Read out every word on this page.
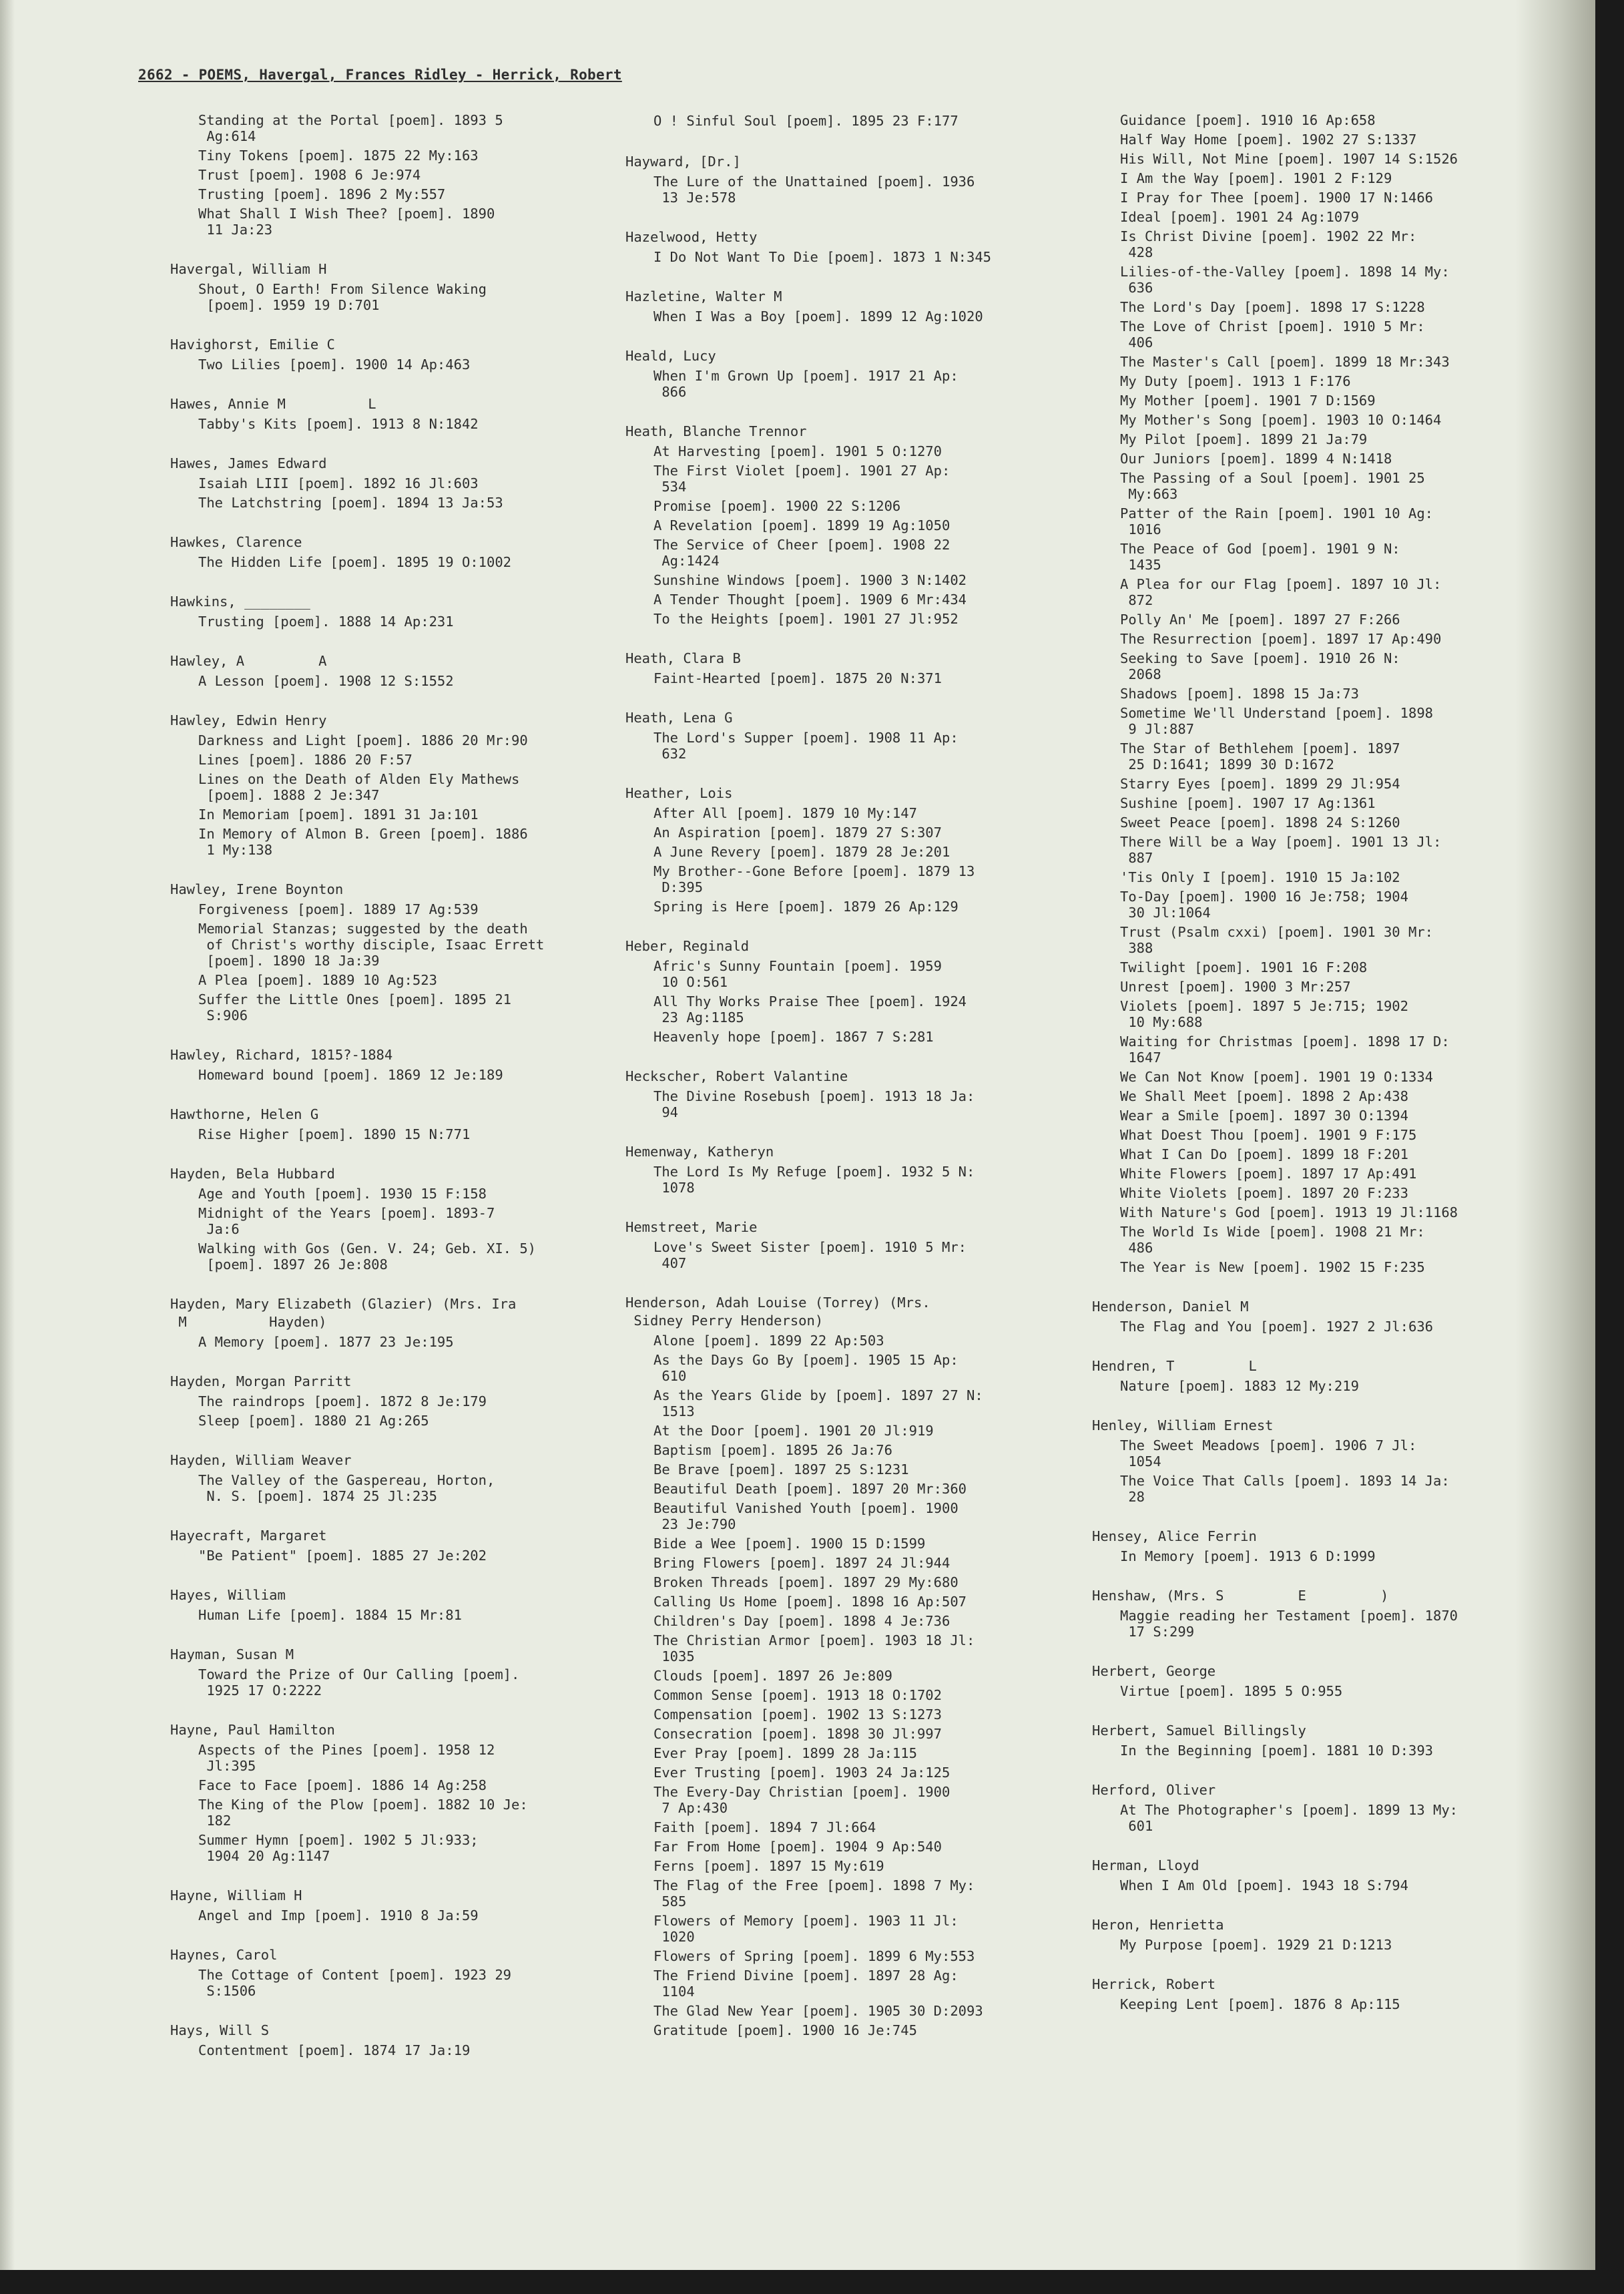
2662 - POEMS, Havergal, Frances Ridley - Herrick, Robert
Standing at the Portal [poem]. 1893 5
Ag:614
Tiny Tokens [poem]. 1875 22 My:163
Trust [poem]. 1908 6 Je:974
Trusting [poem]. 1896 2 My:557
What Shall I Wish Thee? [poem]. 1890
11 Ja:23
Havergal, William H
Shout, O Earth! From Silence Waking
[poem]. 1959 19 D:701
Havighorst, Emilie C
Two Lilies [poem]. 1900 14 Ap:463
Hawes, Annie M          L
Tabby's Kits [poem]. 1913 8 N:1842
Hawes, James Edward
Isaiah LIII [poem]. 1892 16 Jl:603
The Latchstring [poem]. 1894 13 Ja:53
Hawkes, Clarence
The Hidden Life [poem]. 1895 19 O:1002
Hawkins, ________
Trusting [poem]. 1888 14 Ap:231
Hawley, A         A
A Lesson [poem]. 1908 12 S:1552
Hawley, Edwin Henry
Darkness and Light [poem]. 1886 20 Mr:90
Lines [poem]. 1886 20 F:57
Lines on the Death of Alden Ely Mathews
[poem]. 1888 2 Je:347
In Memoriam [poem]. 1891 31 Ja:101
In Memory of Almon B. Green [poem]. 1886
1 My:138
Hawley, Irene Boynton
Forgiveness [poem]. 1889 17 Ag:539
Memorial Stanzas; suggested by the death
of Christ's worthy disciple, Isaac Errett
[poem]. 1890 18 Ja:39
A Plea [poem]. 1889 10 Ag:523
Suffer the Little Ones [poem]. 1895 21
S:906
Hawley, Richard, 1815?-1884
Homeward bound [poem]. 1869 12 Je:189
Hawthorne, Helen G
Rise Higher [poem]. 1890 15 N:771
Hayden, Bela Hubbard
Age and Youth [poem]. 1930 15 F:158
Midnight of the Years [poem]. 1893-7
Ja:6
Walking with Gos (Gen. V. 24; Geb. XI. 5)
[poem]. 1897 26 Je:808
Hayden, Mary Elizabeth (Glazier) (Mrs. Ira
M          Hayden)
A Memory [poem]. 1877 23 Je:195
Hayden, Morgan Parritt
The raindrops [poem]. 1872 8 Je:179
Sleep [poem]. 1880 21 Ag:265
Hayden, William Weaver
The Valley of the Gaspereau, Horton,
N. S. [poem]. 1874 25 Jl:235
Hayecraft, Margaret
"Be Patient" [poem]. 1885 27 Je:202
Hayes, William
Human Life [poem]. 1884 15 Mr:81
Hayman, Susan M
Toward the Prize of Our Calling [poem].
1925 17 O:2222
Hayne, Paul Hamilton
Aspects of the Pines [poem]. 1958 12
Jl:395
Face to Face [poem]. 1886 14 Ag:258
The King of the Plow [poem]. 1882 10 Je:
182
Summer Hymn [poem]. 1902 5 Jl:933;
1904 20 Ag:1147
Hayne, William H
Angel and Imp [poem]. 1910 8 Ja:59
Haynes, Carol
The Cottage of Content [poem]. 1923 29
S:1506
Hays, Will S
Contentment [poem]. 1874 17 Ja:19
O ! Sinful Soul [poem]. 1895 23 F:177
Hayward, [Dr.]
The Lure of the Unattained [poem]. 1936
13 Je:578
Hazelwood, Hetty
I Do Not Want To Die [poem]. 1873 1 N:345
Hazletine, Walter M
When I Was a Boy [poem]. 1899 12 Ag:1020
Heald, Lucy
When I'm Grown Up [poem]. 1917 21 Ap:
866
Heath, Blanche Trennor
At Harvesting [poem]. 1901 5 O:1270
The First Violet [poem]. 1901 27 Ap:
534
Promise [poem]. 1900 22 S:1206
A Revelation [poem]. 1899 19 Ag:1050
The Service of Cheer [poem]. 1908 22
Ag:1424
Sunshine Windows [poem]. 1900 3 N:1402
A Tender Thought [poem]. 1909 6 Mr:434
To the Heights [poem]. 1901 27 Jl:952
Heath, Clara B
Faint-Hearted [poem]. 1875 20 N:371
Heath, Lena G
The Lord's Supper [poem]. 1908 11 Ap:
632
Heather, Lois
After All [poem]. 1879 10 My:147
An Aspiration [poem]. 1879 27 S:307
A June Revery [poem]. 1879 28 Je:201
My Brother--Gone Before [poem]. 1879 13
D:395
Spring is Here [poem]. 1879 26 Ap:129
Heber, Reginald
Afric's Sunny Fountain [poem]. 1959
10 O:561
All Thy Works Praise Thee [poem]. 1924
23 Ag:1185
Heavenly hope [poem]. 1867 7 S:281
Heckscher, Robert Valantine
The Divine Rosebush [poem]. 1913 18 Ja:
94
Hemenway, Katheryn
The Lord Is My Refuge [poem]. 1932 5 N:
1078
Hemstreet, Marie
Love's Sweet Sister [poem]. 1910 5 Mr:
407
Henderson, Adah Louise (Torrey) (Mrs.
Sidney Perry Henderson)
Alone [poem]. 1899 22 Ap:503
As the Days Go By [poem]. 1905 15 Ap:
610
As the Years Glide by [poem]. 1897 27 N:
1513
At the Door [poem]. 1901 20 Jl:919
Baptism [poem]. 1895 26 Ja:76
Be Brave [poem]. 1897 25 S:1231
Beautiful Death [poem]. 1897 20 Mr:360
Beautiful Vanished Youth [poem]. 1900
23 Je:790
Bide a Wee [poem]. 1900 15 D:1599
Bring Flowers [poem]. 1897 24 Jl:944
Broken Threads [poem]. 1897 29 My:680
Calling Us Home [poem]. 1898 16 Ap:507
Children's Day [poem]. 1898 4 Je:736
The Christian Armor [poem]. 1903 18 Jl:
1035
Clouds [poem]. 1897 26 Je:809
Common Sense [poem]. 1913 18 O:1702
Compensation [poem]. 1902 13 S:1273
Consecration [poem]. 1898 30 Jl:997
Ever Pray [poem]. 1899 28 Ja:115
Ever Trusting [poem]. 1903 24 Ja:125
The Every-Day Christian [poem]. 1900
7 Ap:430
Faith [poem]. 1894 7 Jl:664
Far From Home [poem]. 1904 9 Ap:540
Ferns [poem]. 1897 15 My:619
The Flag of the Free [poem]. 1898 7 My:
585
Flowers of Memory [poem]. 1903 11 Jl:
1020
Flowers of Spring [poem]. 1899 6 My:553
The Friend Divine [poem]. 1897 28 Ag:
1104
The Glad New Year [poem]. 1905 30 D:2093
Gratitude [poem]. 1900 16 Je:745
Guidance [poem]. 1910 16 Ap:658
Half Way Home [poem]. 1902 27 S:1337
His Will, Not Mine [poem]. 1907 14 S:1526
I Am the Way [poem]. 1901 2 F:129
I Pray for Thee [poem]. 1900 17 N:1466
Ideal [poem]. 1901 24 Ag:1079
Is Christ Divine [poem]. 1902 22 Mr:
428
Lilies-of-the-Valley [poem]. 1898 14 My:
636
The Lord's Day [poem]. 1898 17 S:1228
The Love of Christ [poem]. 1910 5 Mr:
406
The Master's Call [poem]. 1899 18 Mr:343
My Duty [poem]. 1913 1 F:176
My Mother [poem]. 1901 7 D:1569
My Mother's Song [poem]. 1903 10 O:1464
My Pilot [poem]. 1899 21 Ja:79
Our Juniors [poem]. 1899 4 N:1418
The Passing of a Soul [poem]. 1901 25
My:663
Patter of the Rain [poem]. 1901 10 Ag:
1016
The Peace of God [poem]. 1901 9 N:
1435
A Plea for our Flag [poem]. 1897 10 Jl:
872
Polly An' Me [poem]. 1897 27 F:266
The Resurrection [poem]. 1897 17 Ap:490
Seeking to Save [poem]. 1910 26 N:
2068
Shadows [poem]. 1898 15 Ja:73
Sometime We'll Understand [poem]. 1898
9 Jl:887
The Star of Bethlehem [poem]. 1897
25 D:1641; 1899 30 D:1672
Starry Eyes [poem]. 1899 29 Jl:954
Sushine [poem]. 1907 17 Ag:1361
Sweet Peace [poem]. 1898 24 S:1260
There Will be a Way [poem]. 1901 13 Jl:
887
'Tis Only I [poem]. 1910 15 Ja:102
To-Day [poem]. 1900 16 Je:758; 1904
30 Jl:1064
Trust (Psalm cxxi) [poem]. 1901 30 Mr:
388
Twilight [poem]. 1901 16 F:208
Unrest [poem]. 1900 3 Mr:257
Violets [poem]. 1897 5 Je:715; 1902
10 My:688
Waiting for Christmas [poem]. 1898 17 D:
1647
We Can Not Know [poem]. 1901 19 O:1334
We Shall Meet [poem]. 1898 2 Ap:438
Wear a Smile [poem]. 1897 30 O:1394
What Doest Thou [poem]. 1901 9 F:175
What I Can Do [poem]. 1899 18 F:201
White Flowers [poem]. 1897 17 Ap:491
White Violets [poem]. 1897 20 F:233
With Nature's God [poem]. 1913 19 Jl:1168
The World Is Wide [poem]. 1908 21 Mr:
486
The Year is New [poem]. 1902 15 F:235
Henderson, Daniel M
The Flag and You [poem]. 1927 2 Jl:636
Hendren, T         L
Nature [poem]. 1883 12 My:219
Henley, William Ernest
The Sweet Meadows [poem]. 1906 7 Jl:
1054
The Voice That Calls [poem]. 1893 14 Ja:
28
Hensey, Alice Ferrin
In Memory [poem]. 1913 6 D:1999
Henshaw, (Mrs. S         E         )
Maggie reading her Testament [poem]. 1870
17 S:299
Herbert, George
Virtue [poem]. 1895 5 O:955
Herbert, Samuel Billingsly
In the Beginning [poem]. 1881 10 D:393
Herford, Oliver
At The Photographer's [poem]. 1899 13 My:
601
Herman, Lloyd
When I Am Old [poem]. 1943 18 S:794
Heron, Henrietta
My Purpose [poem]. 1929 21 D:1213
Herrick, Robert
Keeping Lent [poem]. 1876 8 Ap:115
